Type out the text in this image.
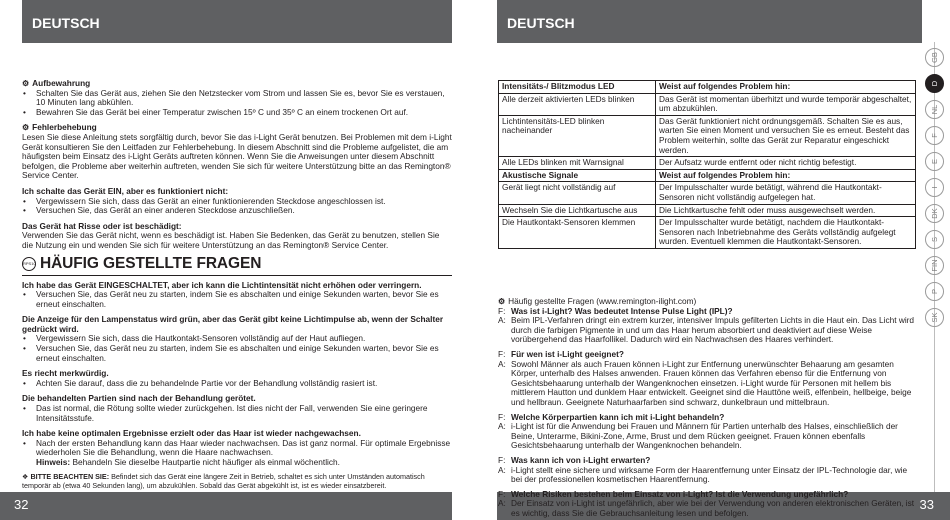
DEUTSCH
⚙ Aufbewahrung
• Schalten Sie das Gerät aus, ziehen Sie den Netzstecker vom Strom und lassen Sie es, bevor Sie es verstauen, 10 Minuten lang abkühlen.
• Bewahren Sie das Gerät bei einer Temperatur zwischen 15º C und 35º C an einem trockenen Ort auf.
⚙ Fehlerbehebung

Lesen Sie diese Anleitung stets sorgfältig durch, bevor Sie das i-Light Gerät benutzen. Bei Problemen mit dem i-Light Gerät konsultieren Sie den Leitfaden zur Fehlerbehebung. In diesem Abschnitt sind die Probleme aufgelistet, die am häufigsten beim Einsatz des i-Light Geräts auftreten können. Wenn Sie die Anweisungen unter diesem Abschnitt befolgen, die Probleme aber weiterhin auftreten, wenden Sie sich für weitere Unterstützung bitte an das Remington® Service Center.

Ich schalte das Gerät EIN, aber es funktioniert nicht:

• Vergewissern Sie sich, dass das Gerät an einer funktionierenden Steckdose angeschlossen ist.
• Versuchen Sie, das Gerät an einer anderen Steckdose anzuschließen.

Das Gerät hat Risse oder ist beschädigt:

Verwenden Sie das Gerät nicht, wenn es beschädigt ist. Haben Sie Bedenken, das Gerät zu benutzen, stellen Sie die Nutzung ein und wenden Sie sich für weitere Unterstützung an das Remington® Service Center.

RPS10 HÄUFIG GESTELLTE FRAGEN

Ich habe das Gerät EINGESCHALTET, aber ich kann die Lichtintensität nicht erhöhen oder verringern.

• Versuchen Sie, das Gerät neu zu starten, indem Sie es abschalten und einige Sekunden warten, bevor Sie es erneut einschalten.

Die Anzeige für den Lampenstatus wird grün, aber das Gerät gibt keine Lichtimpulse ab, wenn der Schalter gedrückt wird.

• Vergewissern Sie sich, dass die Hautkontakt-Sensoren vollständig auf der Haut aufliegen.
• Versuchen Sie, das Gerät neu zu starten, indem Sie es abschalten und einige Sekunden warten, bevor Sie es erneut einschalten.

Es riecht merkwürdig.

• Achten Sie darauf, dass die zu behandelnde Partie vor der Behandlung vollständig rasiert ist.

Die behandelten Partien sind nach der Behandlung gerötet.

• Das ist normal, die Rötung sollte wieder zurückgehen. Ist dies nicht der Fall, verwenden Sie eine geringere Intensitätsstufe.

Ich habe keine optimalen Ergebnisse erzielt oder das Haar ist wieder nachgewachsen.

• Nach der ersten Behandlung kann das Haar wieder nachwachsen. Das ist ganz normal. Für optimale Ergebnisse wiederholen Sie die Behandlung, wenn die Haare nachwachsen.

Hinweis: Behandeln Sie dieselbe Hautpartie nicht häufiger als einmal wöchentlich.

❖ BITTE BEACHTEN SIE: Befindet sich das Gerät eine längere Zeit in Betrieb, schaltet es sich unter Umständen automatisch temporär ab (etwa 40 Sekunden lang), um abzukühlen. Sobald das Gerät abgekühlt ist, ist es wieder einsatzbereit.

32
DEUTSCH
33
Intensitäts-/ Blitzmodus LED	Weist auf folgendes Problem hin:
Alle derzeit aktivierten LEDs blinken	Das Gerät ist momentan überhitzt und wurde temporär abgeschaltet, um abzukühlen.
Lichtintensitäts-LED blinken nacheinander	Das Gerät funktioniert nicht ordnungsgemäß. Schalten Sie es aus, warten Sie einen Moment und versuchen Sie es erneut. Besteht das Problem weiterhin, sollte das Gerät zur Reparatur eingeschickt werden.
Alle LEDs blinken mit Warnsignal	Der Aufsatz wurde entfernt oder nicht richtig befestigt.
Akustische Signale	Weist auf folgendes Problem hin:
Gerät liegt nicht vollständig auf	Der Impulsschalter wurde betätigt, während die Hautkontakt-Sensoren nicht vollständig aufgelegen hat.
Wechseln Sie die Lichtkartusche aus	Die Lichtkartusche fehlt oder muss ausgewechselt werden.
Die Hautkontakt-Sensoren klemmen	Der Impulsschalter wurde betätigt, nachdem die Hautkontakt-Sensoren nach Inbetriebnahme des Geräts vollständig aufgelegt wurden. Eventuell klemmen die Hautkontakt-Sensoren.
⚙ Häufig gestellte Fragen (www.remington-ilight.com)
F: Was ist i-Light? Was bedeutet Intense Pulse Light (IPL)?
A: Beim IPL-Verfahren dringt ein extrem kurzer, intensiver Impuls gefilterten Lichts in die Haut ein. Das Licht wird durch die farbigen Pigmente in und um das Haar herum absorbiert und deaktiviert auf diese Weise vorübergehend das Haarfollikel. Dadurch wird ein Nachwachsen des Haares verhindert.
F: Für wen ist i-Light geeignet?
A: Sowohl Männer als auch Frauen können i-Light zur Entfernung unerwünschter Behaarung am gesamten Körper, unterhalb des Halses anwenden. Frauen können das Verfahren ebenso für die Entfernung von Gesichtsbehaarung unterhalb der Wangenknochen einsetzen. i-Light wurde für Personen mit hellem bis mittlerem Hautton und dunklem Haar entwickelt. Geeignet sind die Hauttöne weiß, elfenbein, hellbeige, beige und hellbraun. Geeignete Naturhaarfarben sind schwarz, dunkelbraun und mittelbraun.
F: Welche Körperpartien kann ich mit i-Light behandeln?
A: i-Light ist für die Anwendung bei Frauen und Männern für Partien unterhalb des Halses, einschließlich der Beine, Unterarme, Bikini-Zone, Arme, Brust und dem Rücken geeignet. Frauen können ebenfalls Gesichtsbehaarung unterhalb der Wangenknochen behandeln.
F: Was kann ich von i-Light erwarten?
A: i-Light stellt eine sichere und wirksame Form der Haarentfernung unter Einsatz der IPL-Technologie dar, wie bei der professionellen kosmetischen Haarentfernung.
F: Welche Risiken bestehen beim Einsatz von i-Light? Ist die Verwendung ungefährlich?
A: Der Einsatz von i-Light ist ungefährlich, aber wie bei der Verwendung von anderen elektronischen Geräten, ist es wichtig, dass Sie die Gebrauchsanleitung lesen und befolgen.
GB
D
NL
F
E
I
DK
S
FIN
P
SK
